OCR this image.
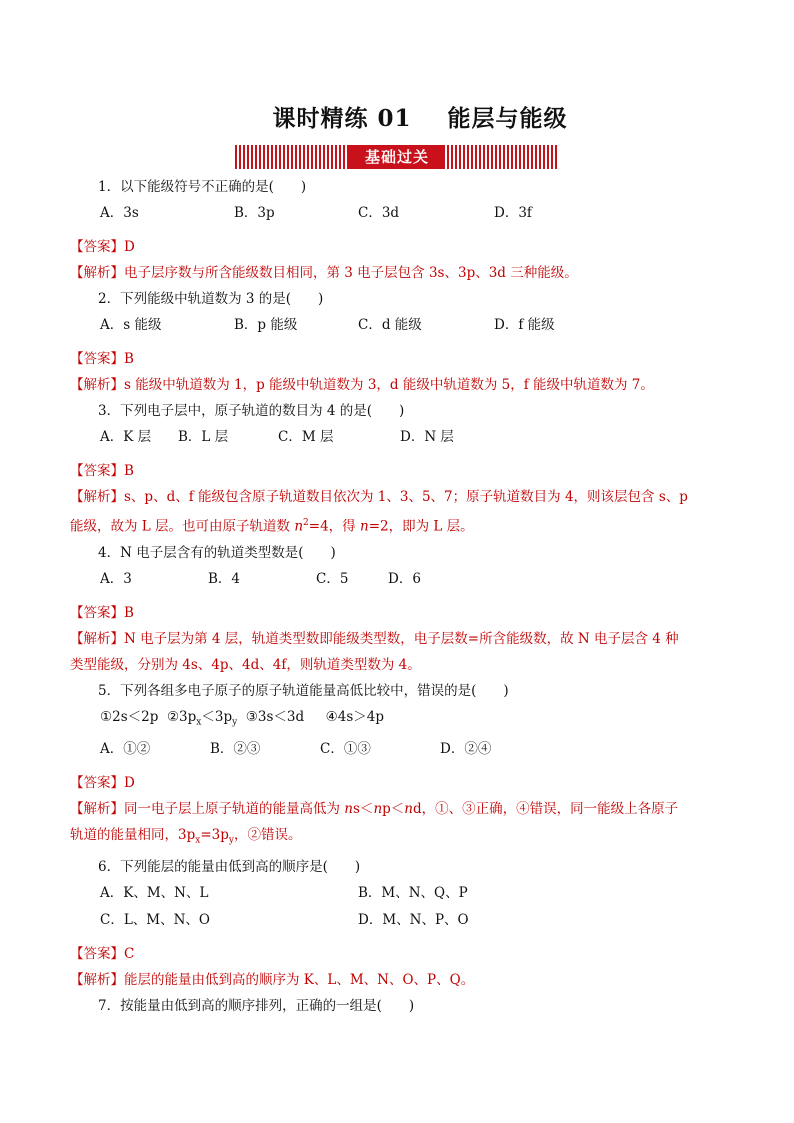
课时精练 01 能层与能级
基础过关

1．以下能级符号不正确的是(　　)

A．3s	B．3p	C．3d	D．3f
【答案】D
【解析】电子层序数与所含能级数目相同，第 3 电子层包含 3s、3p、3d 三种能级。

2．下列能级中轨道数为 3 的是(　　)

A．s 能级	B．p 能级	C．d 能级	D．f 能级
【答案】B
【解析】s 能级中轨道数为 1，p 能级中轨道数为 3，d 能级中轨道数为 5，f 能级中轨道数为 7。

3．下列电子层中，原子轨道的数目为 4 的是(　　)

A．K 层	B．L 层	C．M 层	D．N 层
【答案】B
【解析】s、p、d、f 能级包含原子轨道数目依次为 1、3、5、7；原子轨道数目为 4，则该层包含 s、p
能级，故为 L 层。也可由原子轨道数 $n^2=4$，得 n=2，即为 L 层。

4．N 电子层含有的轨道类型数是(　　)

A．3	B．4	C．5	D．6
【答案】B
【解析】N 电子层为第 4 层，轨道类型数即能级类型数，电子层数=所含能级数，故 N 电子层含 4 种
类型能级，分别为 4s、4p、4d、4f，则轨道类型数为 4。

5．下列各组多电子原子的原子轨道能量高低比较中，错误的是(　　)

①2s＜2p $②3p_x<3p_y$ ③3s＜3d ④4s＞4p
A．①②	B．②③	C．①③	D．②④
【答案】D
【解析】同一电子层上原子轨道的能量高低为 ns＜np＜nd，①、③正确，④错误，同一能级上各原子
轨道的能量相同，$3p_x=3p_y$，②错误。

6．下列能层的能量由低到高的顺序是(　　)

A．K、M、N、L	B．M、N、Q、P
C．L、M、N、O	D．M、N、P、O
【答案】C
【解析】能层的能量由低到高的顺序为 K、L、M、N、O、P、Q。

7．按能量由低到高的顺序排列，正确的一组是(　　)
